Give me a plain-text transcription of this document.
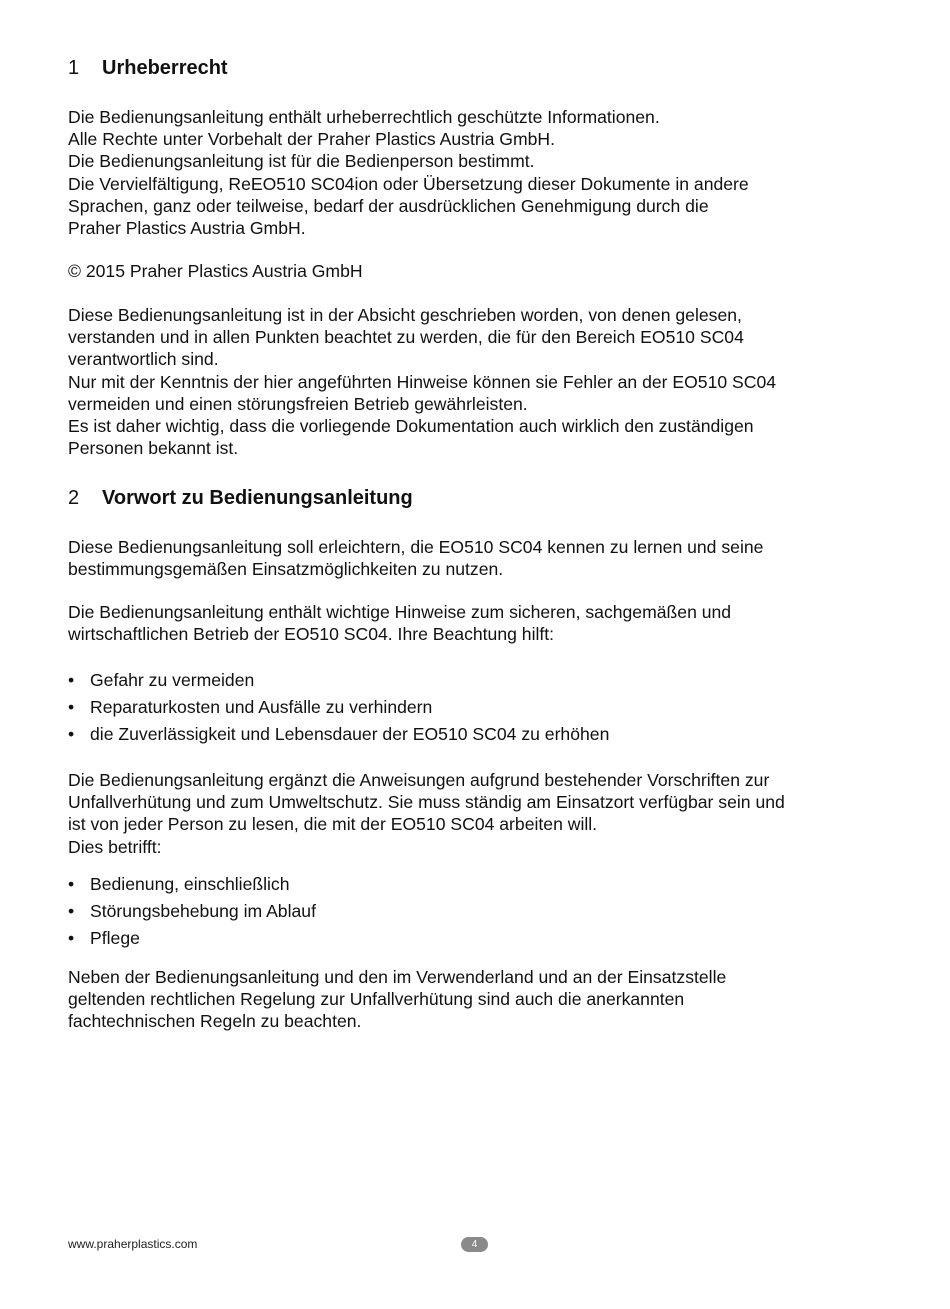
1 Urheberrecht

Die Bedienungsanleitung enthält urheberrechtlich geschützte Informationen.
Alle Rechte unter Vorbehalt der Praher Plastics Austria GmbH.
Die Bedienungsanleitung ist für die Bedienperson bestimmt.
Die Vervielfältigung, ReEO510 SC04ion oder Übersetzung dieser Dokumente in andere
Sprachen, ganz oder teilweise, bedarf der ausdrücklichen Genehmigung durch die
Praher Plastics Austria GmbH.

© 2015 Praher Plastics Austria GmbH

Diese Bedienungsanleitung ist in der Absicht geschrieben worden, von denen gelesen,
verstanden und in allen Punkten beachtet zu werden, die für den Bereich EO510 SC04
verantwortlich sind.
Nur mit der Kenntnis der hier angeführten Hinweise können sie Fehler an der EO510 SC04
vermeiden und einen störungsfreien Betrieb gewährleisten.
Es ist daher wichtig, dass die vorliegende Dokumentation auch wirklich den zuständigen
Personen bekannt ist.

2 Vorwort zu Bedienungsanleitung

Diese Bedienungsanleitung soll erleichtern, die EO510 SC04 kennen zu lernen und seine
bestimmungsgemäßen Einsatzmöglichkeiten zu nutzen.

Die Bedienungsanleitung enthält wichtige Hinweise zum sicheren, sachgemäßen und
wirtschaftlichen Betrieb der EO510 SC04. Ihre Beachtung hilft:

• Gefahr zu vermeiden
• Reparaturkosten und Ausfälle zu verhindern
• die Zuverlässigkeit und Lebensdauer der EO510 SC04 zu erhöhen

Die Bedienungsanleitung ergänzt die Anweisungen aufgrund bestehender Vorschriften zur
Unfallverhütung und zum Umweltschutz. Sie muss ständig am Einsatzort verfügbar sein und
ist von jeder Person zu lesen, die mit der EO510 SC04 arbeiten will.
Dies betrifft:

• Bedienung, einschließlich
• Störungsbehebung im Ablauf
• Pflege

Neben der Bedienungsanleitung und den im Verwenderland und an der Einsatzstelle
geltenden rechtlichen Regelung zur Unfallverhütung sind auch die anerkannten
fachtechnischen Regeln zu beachten.

www.praherplastics.com	4
